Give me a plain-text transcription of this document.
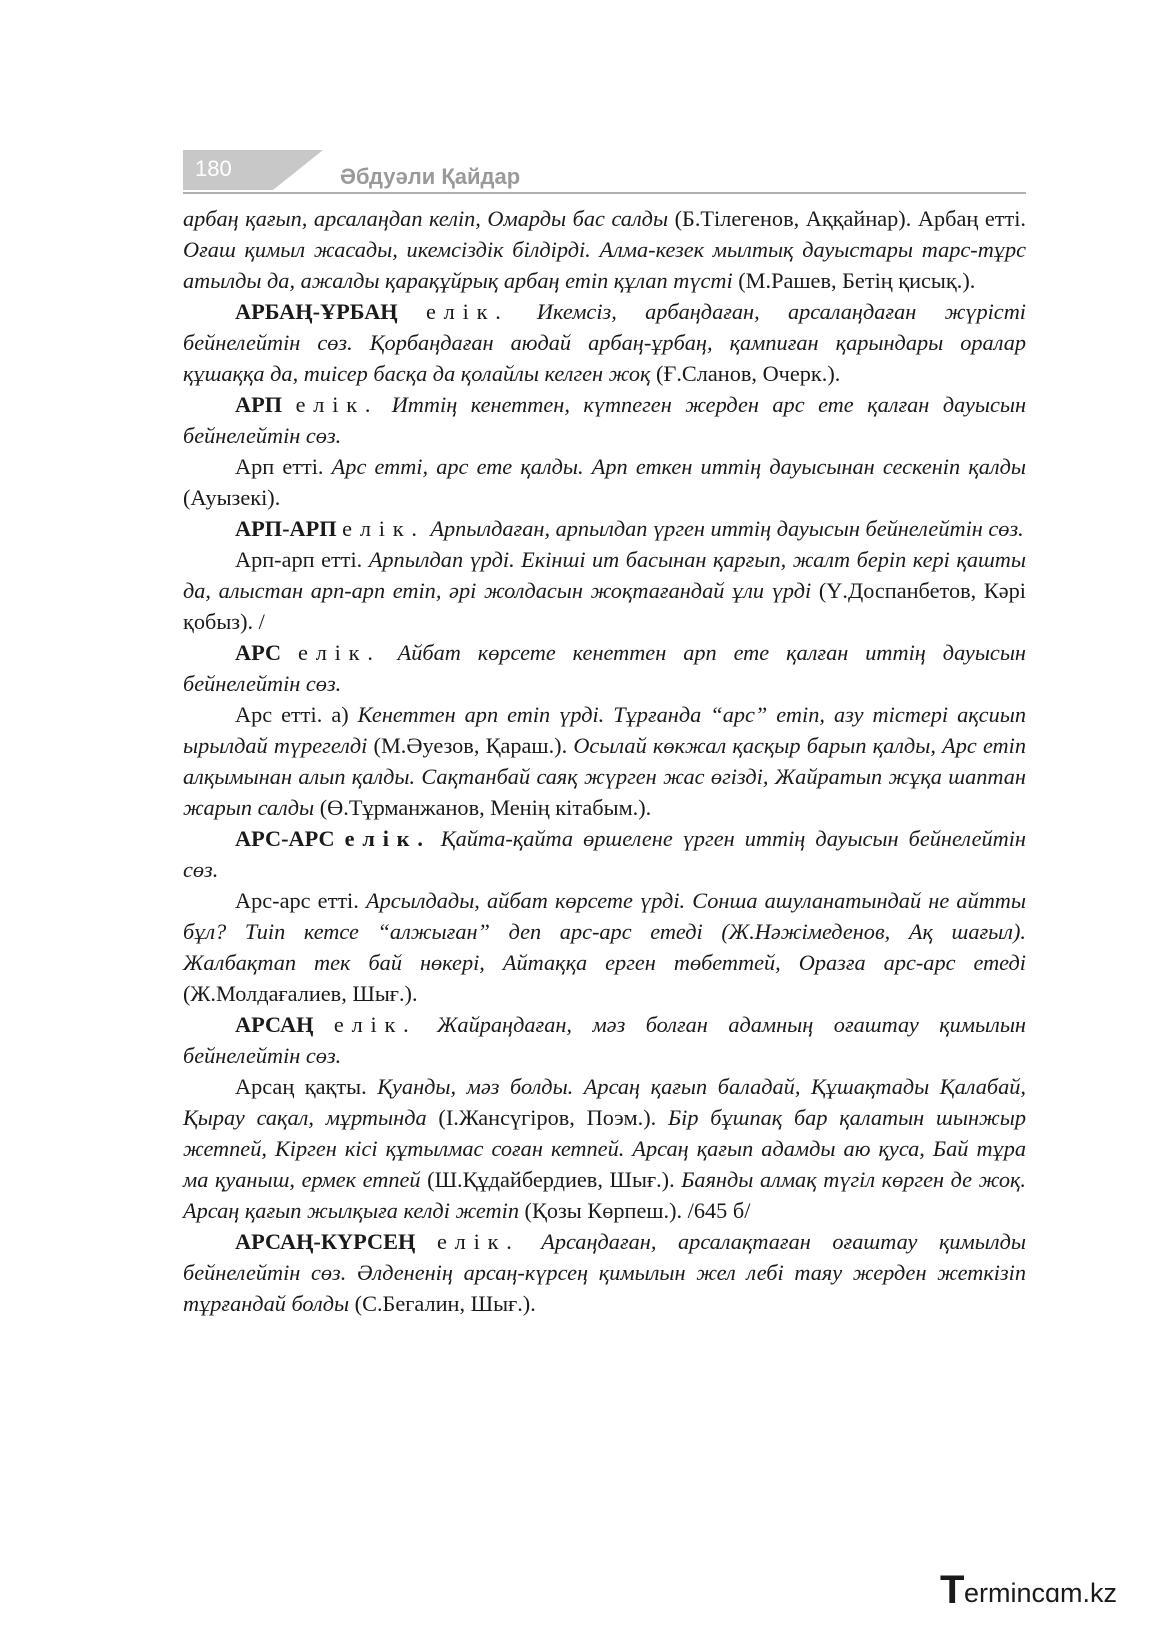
180	Әбдуәли Қайдар

арбаң қағып, арсалаңдап келіп, Омарды бас салды (Б.Тілегенов, Аққайнар). Арбаң етті. Оғаш қимыл жасады, икемсіздік білдірді. Алма-кезек мылтық дауыстары тарс-тұрс атылды да, ажалды қарақұйрық арбаң етіп құлап түсті (М.Рашев, Бетің қисық.).

АРБАҢ-ҰРБАҢ елік. Икемсіз, арбаңдаған, арсалаңдаған жүрісті бейнелейтін сөз. Қорбаңдаған аюдай арбаң-ұрбаң, қампиған қарындары оралар құшаққа да, тиісер басқа да қолайлы келген жоқ (Ғ.Сланов, Очерк.).

АРП елік. Иттің кенеттен, күтпеген жерден арс ете қалған дауысын бейнелейтін сөз.

Арп етті. Арс етті, арс ете қалды. Арп еткен иттің дауысынан сескеніп қалды (Ауызекі).

АРП-АРП елік. Арпылдаған, арпылдап үрген иттің дауысын бейнелейтін сөз.

Арп-арп етті. Арпылдап үрді. Екінші ит басынан қарғып, жалт беріп кері қашты да, алыстан арп-арп етіп, әрі жолдасын жоқтағандай ұли үрді (Ү.Доспанбетов, Кәрі қобыз). /

АРС елік. Айбат көрсете кенеттен арп ете қалған иттің дауысын бейнелейтін сөз.

Арс етті. а) Кенеттен арп етіп үрді. Тұрғанда “арс” етіп, азу тістері ақсиып ырылдай түрегелді (М.Әуезов, Қараш.). Осылай көкжал қасқыр барып қалды, Арс етіп алқымынан алып қалды. Сақтанбай саяқ жүрген жас өгізді, Жайратып жұқа шаптан жарып салды (Ө.Тұрманжанов, Менің кітабым.).

АРС-АРС елік. Қайта-қайта өршелене үрген иттің дауысын бейнелейтін сөз.

Арс-арс етті. Арсылдады, айбат көрсете үрді. Сонша ашуланатындай не айтты бұл? Тиіп кетсе “алжыған” деп арс-арс етеді (Ж.Нәжімеденов, Ақ шағыл). Жалбақтап тек бай нөкері, Айтаққа ерген төбеттей, Оразға арс-арс етеді (Ж.Молдағалиев, Шығ.).

АРСАҢ елік. Жайраңдаған, мәз болған адамның оғаштау қимылын бейнелейтін сөз.

Арсаң қақты. Қуанды, мәз болды. Арсаң қағып баладай, Құшақтады Қалабай, Қырау сақал, мұртында (І.Жансүгіров, Поэм.). Бір бұшпақ бар қалатын шынжыр жетпей, Кірген кісі құтылмас соған кетпей. Арсаң қағып адамды аю қуса, Бай тұра ма қуаныш, ермек етпей (Ш.Құдайбердиев, Шығ.). Баянды алмақ түгіл көрген де жоқ. Арсаң қағып жылқыға келді жетіп (Қозы Көрпеш.). /645 б/

АРСАҢ-КҮРСЕҢ елік. Арсаңдаған, арсалақтаған оғаштау қимылды бейнелейтін сөз. Әлдененің арсаң-күрсең қимылын жел лебі таяу жерден жеткізіп тұрғандай болды (С.Бегалин, Шығ.).

T ermincɑm.kz
